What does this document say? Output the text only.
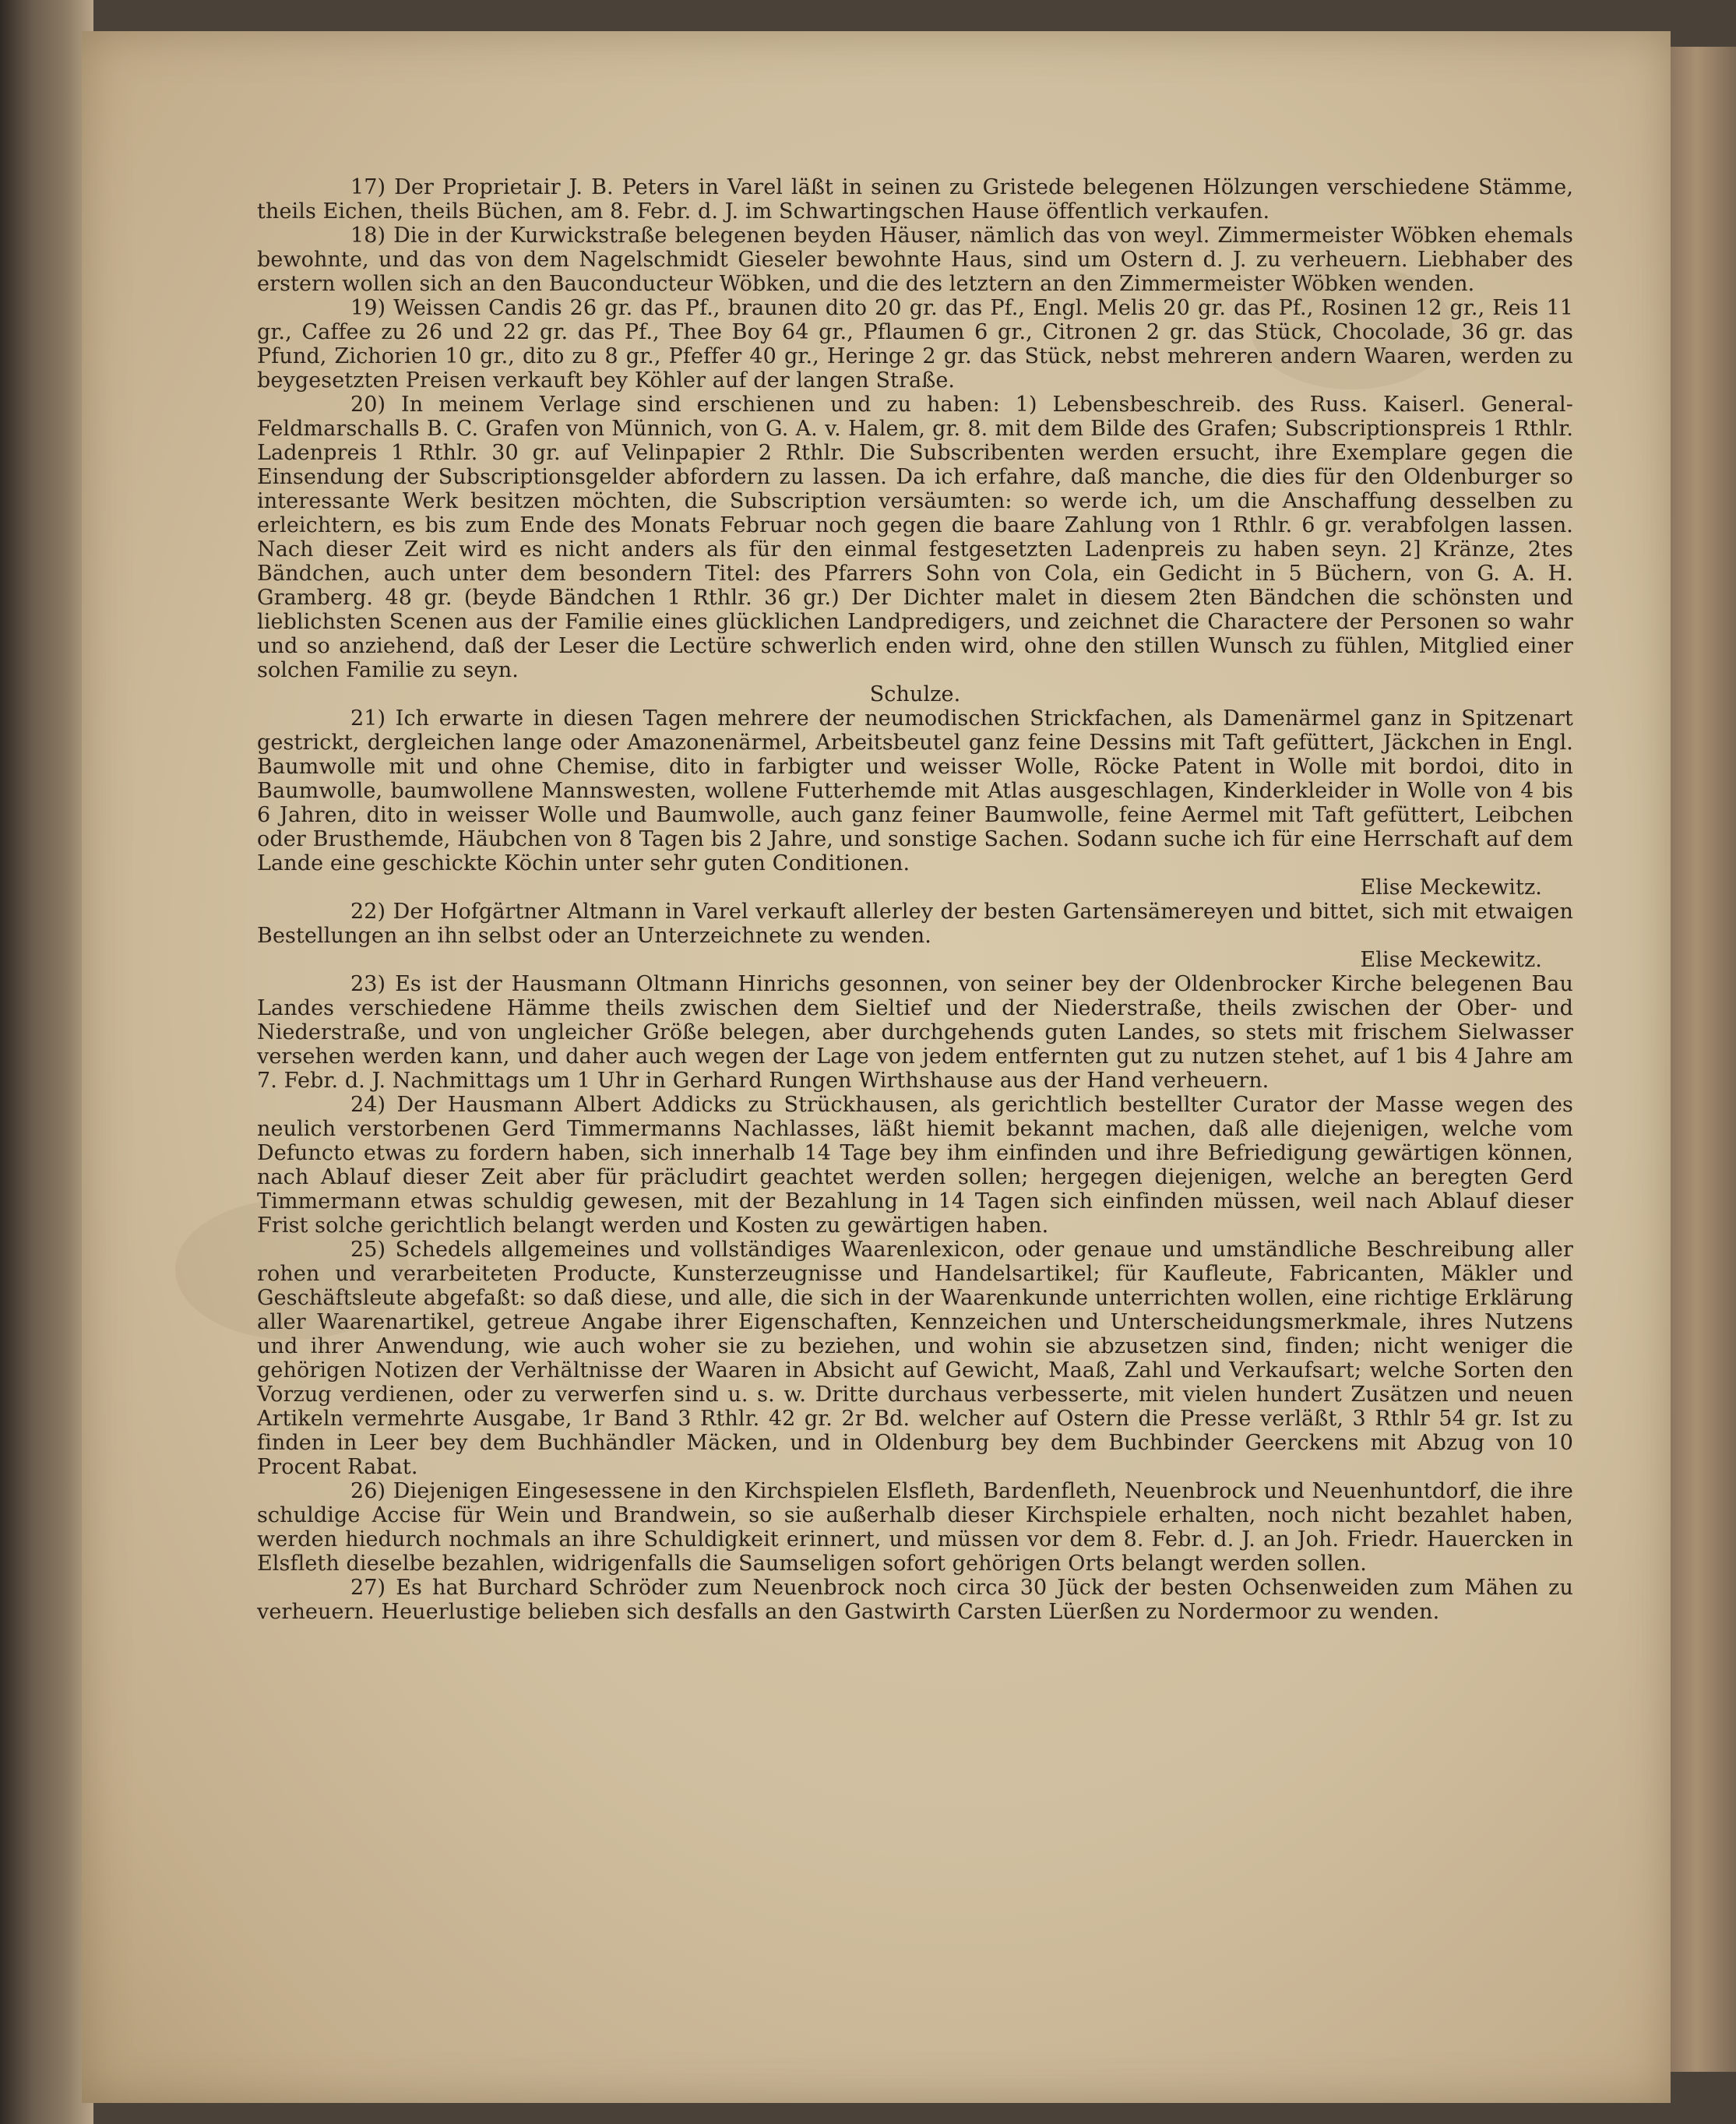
17) Der Proprietair J. B. Peters in Varel läßt in seinen zu Gristede belegenen Hölzungen verschiedene Stämme, theils Eichen, theils Büchen, am 8. Febr. d. J. im Schwartingschen Hause öffentlich verkaufen.

18) Die in der Kurwickstraße belegenen beyden Häuser, nämlich das von weyl. Zimmermeister Wöbken ehemals bewohnte, und das von dem Nagelschmidt Gieseler bewohnte Haus, sind um Ostern d. J. zu verheuern. Liebhaber des erstern wollen sich an den Bauconducteur Wöbken, und die des letztern an den Zimmermeister Wöbken wenden.

19) Weissen Candis 26 gr. das Pf., braunen dito 20 gr. das Pf., Engl. Melis 20 gr. das Pf., Rosinen 12 gr., Reis 11 gr., Caffee zu 26 und 22 gr. das Pf., Thee Boy 64 gr., Pflaumen 6 gr., Citronen 2 gr. das Stück, Chocolade, 36 gr. das Pfund, Zichorien 10 gr., dito zu 8 gr., Pfeffer 40 gr., Heringe 2 gr. das Stück, nebst mehreren andern Waaren, werden zu beygesetzten Preisen verkauft bey Köhler auf der langen Straße.

20) In meinem Verlage sind erschienen und zu haben: 1) Lebensbeschreib. des Russ. Kaiserl. General-Feldmarschalls B. C. Grafen von Münnich, von G. A. v. Halem, gr. 8. mit dem Bilde des Grafen; Subscriptionspreis 1 Rthlr. Ladenpreis 1 Rthlr. 30 gr. auf Velinpapier 2 Rthlr. Die Subscribenten werden ersucht, ihre Exemplare gegen die Einsendung der Subscriptionsgelder abfordern zu lassen. Da ich erfahre, daß manche, die dies für den Oldenburger so interessante Werk besitzen möchten, die Subscription versäumten: so werde ich, um die Anschaffung desselben zu erleichtern, es bis zum Ende des Monats Februar noch gegen die baare Zahlung von 1 Rthlr. 6 gr. verabfolgen lassen. Nach dieser Zeit wird es nicht anders als für den einmal festgesetzten Ladenpreis zu haben seyn. 2] Kränze, 2tes Bändchen, auch unter dem besondern Titel: des Pfarrers Sohn von Cola, ein Gedicht in 5 Büchern, von G. A. H. Gramberg. 48 gr. (beyde Bändchen 1 Rthlr. 36 gr.) Der Dichter malet in diesem 2ten Bändchen die schönsten und lieblichsten Scenen aus der Familie eines glücklichen Landpredigers, und zeichnet die Charactere der Personen so wahr und so anziehend, daß der Leser die Lectüre schwerlich enden wird, ohne den stillen Wunsch zu fühlen, Mitglied einer solchen Familie zu seyn.

Schulze.

21) Ich erwarte in diesen Tagen mehrere der neumodischen Strickfachen, als Damenärmel ganz in Spitzenart gestrickt, dergleichen lange oder Amazonenärmel, Arbeitsbeutel ganz feine Dessins mit Taft gefüttert, Jäckchen in Engl. Baumwolle mit und ohne Chemise, dito in farbigter und weisser Wolle, Röcke Patent in Wolle mit bordoi, dito in Baumwolle, baumwollene Mannswesten, wollene Futterhemde mit Atlas ausgeschlagen, Kinderkleider in Wolle von 4 bis 6 Jahren, dito in weisser Wolle und Baumwolle, auch ganz feiner Baumwolle, feine Aermel mit Taft gefüttert, Leibchen oder Brusthemde, Häubchen von 8 Tagen bis 2 Jahre, und sonstige Sachen. Sodann suche ich für eine Herrschaft auf dem Lande eine geschickte Köchin unter sehr guten Conditionen.

Elise Meckewitz.

22) Der Hofgärtner Altmann in Varel verkauft allerley der besten Gartensämereyen und bittet, sich mit etwaigen Bestellungen an ihn selbst oder an Unterzeichnete zu wenden.

Elise Meckewitz.

23) Es ist der Hausmann Oltmann Hinrichs gesonnen, von seiner bey der Oldenbrocker Kirche belegenen Bau Landes verschiedene Hämme theils zwischen dem Sieltief und der Niederstraße, theils zwischen der Ober- und Niederstraße, und von ungleicher Größe belegen, aber durchgehends guten Landes, so stets mit frischem Sielwasser versehen werden kann, und daher auch wegen der Lage von jedem entfernten gut zu nutzen stehet, auf 1 bis 4 Jahre am 7. Febr. d. J. Nachmittags um 1 Uhr in Gerhard Rungen Wirthshause aus der Hand verheuern.

24) Der Hausmann Albert Addicks zu Strückhausen, als gerichtlich bestellter Curator der Masse wegen des neulich verstorbenen Gerd Timmermanns Nachlasses, läßt hiemit bekannt machen, daß alle diejenigen, welche vom Defuncto etwas zu fordern haben, sich innerhalb 14 Tage bey ihm einfinden und ihre Befriedigung gewärtigen können, nach Ablauf dieser Zeit aber für präcludirt geachtet werden sollen; hergegen diejenigen, welche an beregten Gerd Timmermann etwas schuldig gewesen, mit der Bezahlung in 14 Tagen sich einfinden müssen, weil nach Ablauf dieser Frist solche gerichtlich belangt werden und Kosten zu gewärtigen haben.

25) Schedels allgemeines und vollständiges Waarenlexicon, oder genaue und umständliche Beschreibung aller rohen und verarbeiteten Producte, Kunsterzeugnisse und Handelsartikel; für Kaufleute, Fabricanten, Mäkler und Geschäftsleute abgefaßt: so daß diese, und alle, die sich in der Waarenkunde unterrichten wollen, eine richtige Erklärung aller Waarenartikel, getreue Angabe ihrer Eigenschaften, Kennzeichen und Unterscheidungsmerkmale, ihres Nutzens und ihrer Anwendung, wie auch woher sie zu beziehen, und wohin sie abzusetzen sind, finden; nicht weniger die gehörigen Notizen der Verhältnisse der Waaren in Absicht auf Gewicht, Maaß, Zahl und Verkaufsart; welche Sorten den Vorzug verdienen, oder zu verwerfen sind u. s. w. Dritte durchaus verbesserte, mit vielen hundert Zusätzen und neuen Artikeln vermehrte Ausgabe, 1r Band 3 Rthlr. 42 gr. 2r Bd. welcher auf Ostern die Presse verläßt, 3 Rthlr 54 gr. Ist zu finden in Leer bey dem Buchhändler Mäcken, und in Oldenburg bey dem Buchbinder Geerckens mit Abzug von 10 Procent Rabat.

26) Diejenigen Eingesessene in den Kirchspielen Elsfleth, Bardenfleth, Neuenbrock und Neuenhuntdorf, die ihre schuldige Accise für Wein und Brandwein, so sie außerhalb dieser Kirchspiele erhalten, noch nicht bezahlet haben, werden hiedurch nochmals an ihre Schuldigkeit erinnert, und müssen vor dem 8. Febr. d. J. an Joh. Friedr. Hauercken in Elsfleth dieselbe bezahlen, widrigenfalls die Saumseligen sofort gehörigen Orts belangt werden sollen.

27) Es hat Burchard Schröder zum Neuenbrock noch circa 30 Jück der besten Ochsenweiden zum Mähen zu verheuern. Heuerlustige belieben sich desfalls an den Gastwirth Carsten Lüerßen zu Nordermoor zu wenden.
